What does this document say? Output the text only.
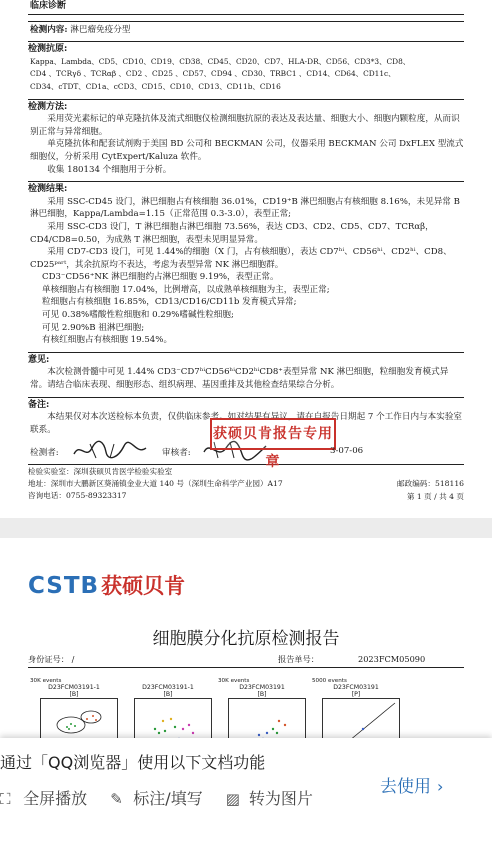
临床诊断
检测内容: 淋巴瘤免疫分型
检测抗原:
Kappa、Lambda、CD5、CD10、CD19、CD38、CD45、CD20、CD7、HLA-DR、CD56、CD3*3、CD8、
CD4 、TCRγδ 、TCRαβ 、CD2 、CD25 、CD57、CD94 、CD30、TRBC1 、CD14、CD64、CD11c、
CD34、cTDT、CD1a、cCD3、CD15、CD10、CD13、CD11b、CD16
检测方法:
采用荧光素标记的单克隆抗体及流式细胞仪检测细胞抗原的表达及表达量、细胞大小、细胞内颗粒度，从而识别正常与异常细胞。
单克隆抗体和配套试剂购于美国 BD 公司和 BECKMAN 公司，仪器采用 BECKMAN 公司 DxFLEX 型流式细胞仪，分析采用 CytExpert/Kaluza 软件。
收集 180134 个细胞用于分析。
检测结果:
采用 SSC-CD45 设门，淋巴细胞占有核细胞 36.01%，CD19⁺B 淋巴细胞占有核细胞 8.16%，未见异常 B 淋巴细胞，Kappa/Lambda=1.15（正常范围 0.3-3.0），表型正常;
采用 SSC-CD3 设门，T 淋巴细胞占淋巴细胞 73.56%，表达 CD3、CD2、CD5、CD7、TCRαβ，CD4/CD8=0.50，为成熟 T 淋巴细胞，表型未见明显异常。
采用 CD7-CD3 设门，可见 1.44%的细胞（X 门，占有核细胞），表达 CD7ʰⁱ、CD56ʰⁱ、CD2ʰⁱ、CD8、CD25ᵖᵃʳᵗ，其余抗原均不表达，考虑为表型异常 NK 淋巴细胞群。
CD3⁻CD56⁺NK 淋巴细胞约占淋巴细胞 9.19%，表型正常。
单核细胞占有核细胞 17.04%，比例增高，以成熟单核细胞为主，表型正常;
粒细胞占有核细胞 16.85%，CD13/CD16/CD11b 发育模式异常;
可见 0.38%嗜酸性粒细胞和 0.29%嗜碱性粒细胞;
可见 2.90%B 祖淋巴细胞;
有核红细胞占有核细胞 19.54%。
意见:
本次检测骨髓中可见 1.44% CD3⁻CD7ʰⁱCD56ʰⁱCD2ʰⁱCD8⁺表型异常 NK 淋巴细胞，粒细胞发育模式异常。请结合临床表现、细胞形态、组织病理、基因重排及其他检查结果综合分析。
备注:
本结果仅对本次送检标本负责，仅供临床参考。如对结果有异议，请在自报告日期起 7 个工作日内与本实验室联系。
检测者:	审核者:
获硕贝肯报告专用章
3-07-06
检验实验室：深圳获硕贝肯医学检验实验室
地址：深圳市大鹏新区葵涌镇金业大道 140 号（深圳生命科学产业园）A17
咨询电话：0755-89323317
邮政编码：518116
第 1 页 / 共 4 页
CSTB获硕贝肯
细胞膜分化抗原检测报告
身份证号： /	报告单号：	2023FCM05090
30K events
D23FCM03191-1
[B]
D23FCM03191-1
[B]
30K events
D23FCM03191
[B]
5000 events
D23FCM03191
[P]
通过「QQ浏览器」使用以下文档功能
⛶ 全屏播放 ✎ 标注/填写 ▨ 转为图片
去使用 ›
